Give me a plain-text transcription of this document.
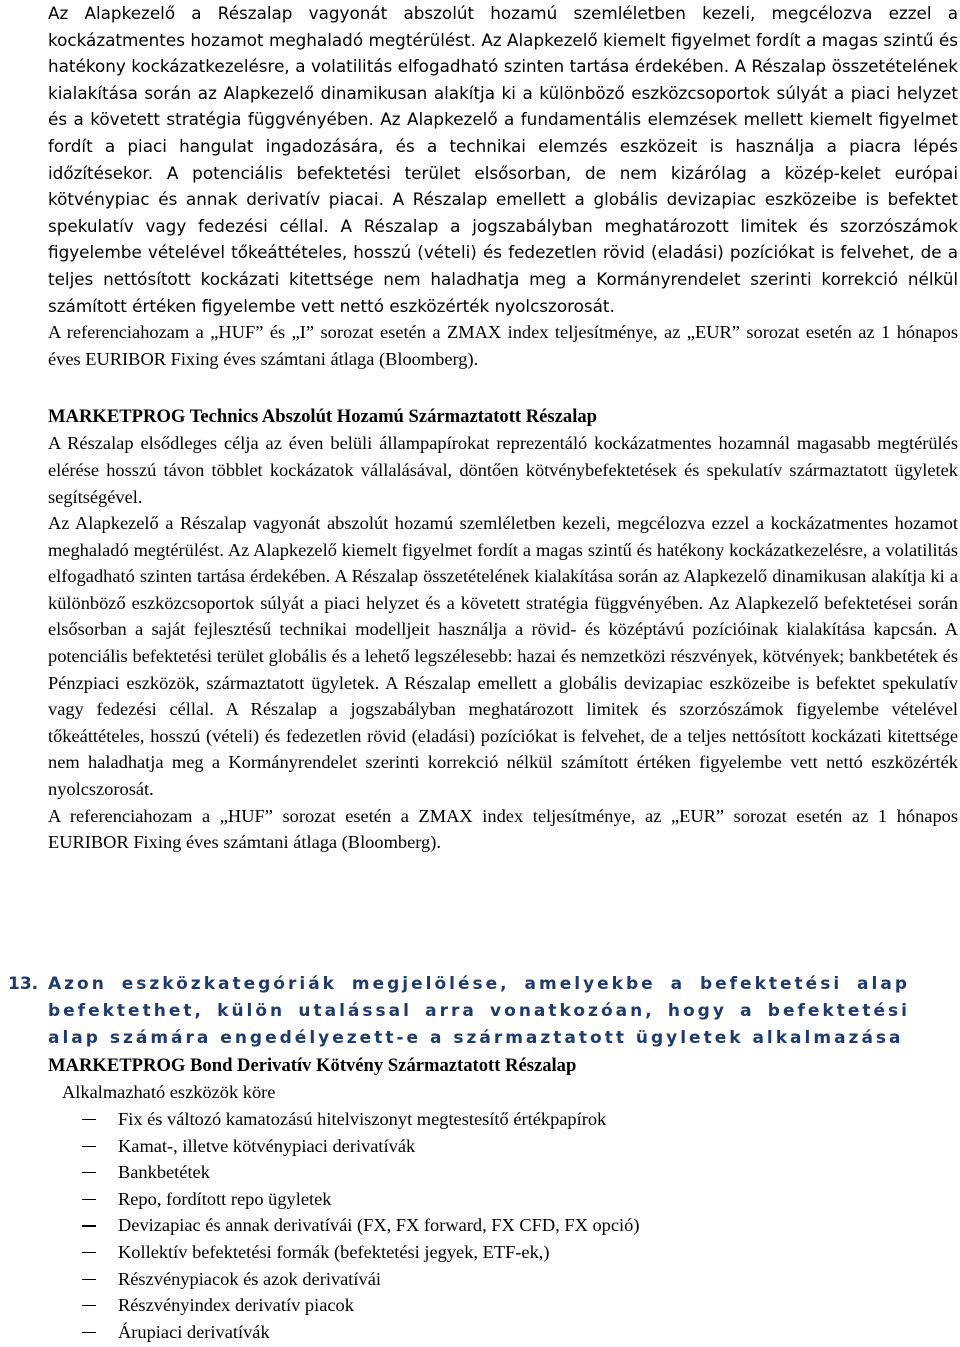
Az Alapkezelő a Részalap vagyonát abszolút hozamú szemléletben kezeli, megcélozva ezzel a kockázatmentes hozamot meghaladó megtérülést. Az Alapkezelő kiemelt figyelmet fordít a magas szintű és hatékony kockázatkezelésre, a volatilitás elfogadható szinten tartása érdekében. A Részalap összetételének kialakítása során az Alapkezelő dinamikusan alakítja ki a különböző eszközcsoportok súlyát a piaci helyzet és a követett stratégia függvényében. Az Alapkezelő a fundamentális elemzések mellett kiemelt figyelmet fordít a piaci hangulat ingadozására, és a technikai elemzés eszközeit is használja a piacra lépés időzítésekor. A potenciális befektetési terület elsősorban, de nem kizárólag a közép-kelet európai kötvénypiac és annak derivatív piacai. A Részalap emellett a globális devizapiac eszközeibe is befektet spekulatív vagy fedezési céllal. A Részalap a jogszabályban meghatározott limitek és szorzószámok figyelembe vételével tőkeáttételes, hosszú (vételi) és fedezetlen rövid (eladási) pozíciókat is felvehet, de a teljes nettósított kockázati kitettsége nem haladhatja meg a Kormányrendelet szerinti korrekció nélkül számított értéken figyelembe vett nettó eszközérték nyolcszorosát.

A referenciahozam a „HUF” és „I” sorozat esetén a ZMAX index teljesítménye, az „EUR” sorozat esetén az 1 hónapos éves EURIBOR Fixing éves számtani átlaga (Bloomberg).

MARKETPROG Technics Abszolút Hozamú Származtatott Részalap

A Részalap elsődleges célja az éven belüli állampapírokat reprezentáló kockázatmentes hozamnál magasabb megtérülés elérése hosszú távon többlet kockázatok vállalásával, döntően kötvénybefektetések és spekulatív származtatott ügyletek segítségével.

Az Alapkezelő a Részalap vagyonát abszolút hozamú szemléletben kezeli, megcélozva ezzel a kockázatmentes hozamot meghaladó megtérülést. Az Alapkezelő kiemelt figyelmet fordít a magas szintű és hatékony kockázatkezelésre, a volatilitás elfogadható szinten tartása érdekében. A Részalap összetételének kialakítása során az Alapkezelő dinamikusan alakítja ki a különböző eszközcsoportok súlyát a piaci helyzet és a követett stratégia függvényében. Az Alapkezelő befektetései során elsősorban a saját fejlesztésű technikai modelljeit használja a rövid- és középtávú pozícióinak kialakítása kapcsán. A potenciális befektetési terület globális és a lehető legszélesebb: hazai és nemzetközi részvények, kötvények; bankbetétek és Pénzpiaci eszközök, származtatott ügyletek. A Részalap emellett a globális devizapiac eszközeibe is befektet spekulatív vagy fedezési céllal. A Részalap a jogszabályban meghatározott limitek és szorzószámok figyelembe vételével tőkeáttételes, hosszú (vételi) és fedezetlen rövid (eladási) pozíciókat is felvehet, de a teljes nettósított kockázati kitettsége nem haladhatja meg a Kormányrendelet szerinti korrekció nélkül számított értéken figyelembe vett nettó eszközérték nyolcszorosát.

A referenciahozam a „HUF” sorozat esetén a ZMAX index teljesítménye, az „EUR” sorozat esetén az 1 hónapos EURIBOR Fixing éves számtani átlaga (Bloomberg).

13. Azon eszközkategóriák megjelölése, amelyekbe a befektetési alap befektethet, külön utalással arra vonatkozóan, hogy a befektetési alap számára engedélyezett-e a származtatott ügyletek alkalmazása

MARKETPROG Bond Derivatív Kötvény Származtatott Részalap

Alkalmazható eszközök köre

Fix és változó kamatozású hitelviszonyt megtestesítő értékpapírok
Kamat-, illetve kötvénypiaci derivatívák
Bankbetétek
Repo, fordított repo ügyletek
Devizapiac és annak derivatívái (FX, FX forward, FX CFD, FX opció)
Kollektív befektetési formák (befektetési jegyek, ETF-ek,)
Részvénypiacok és azok derivatívái
Részvényindex derivatív piacok
Árupiaci derivatívák
